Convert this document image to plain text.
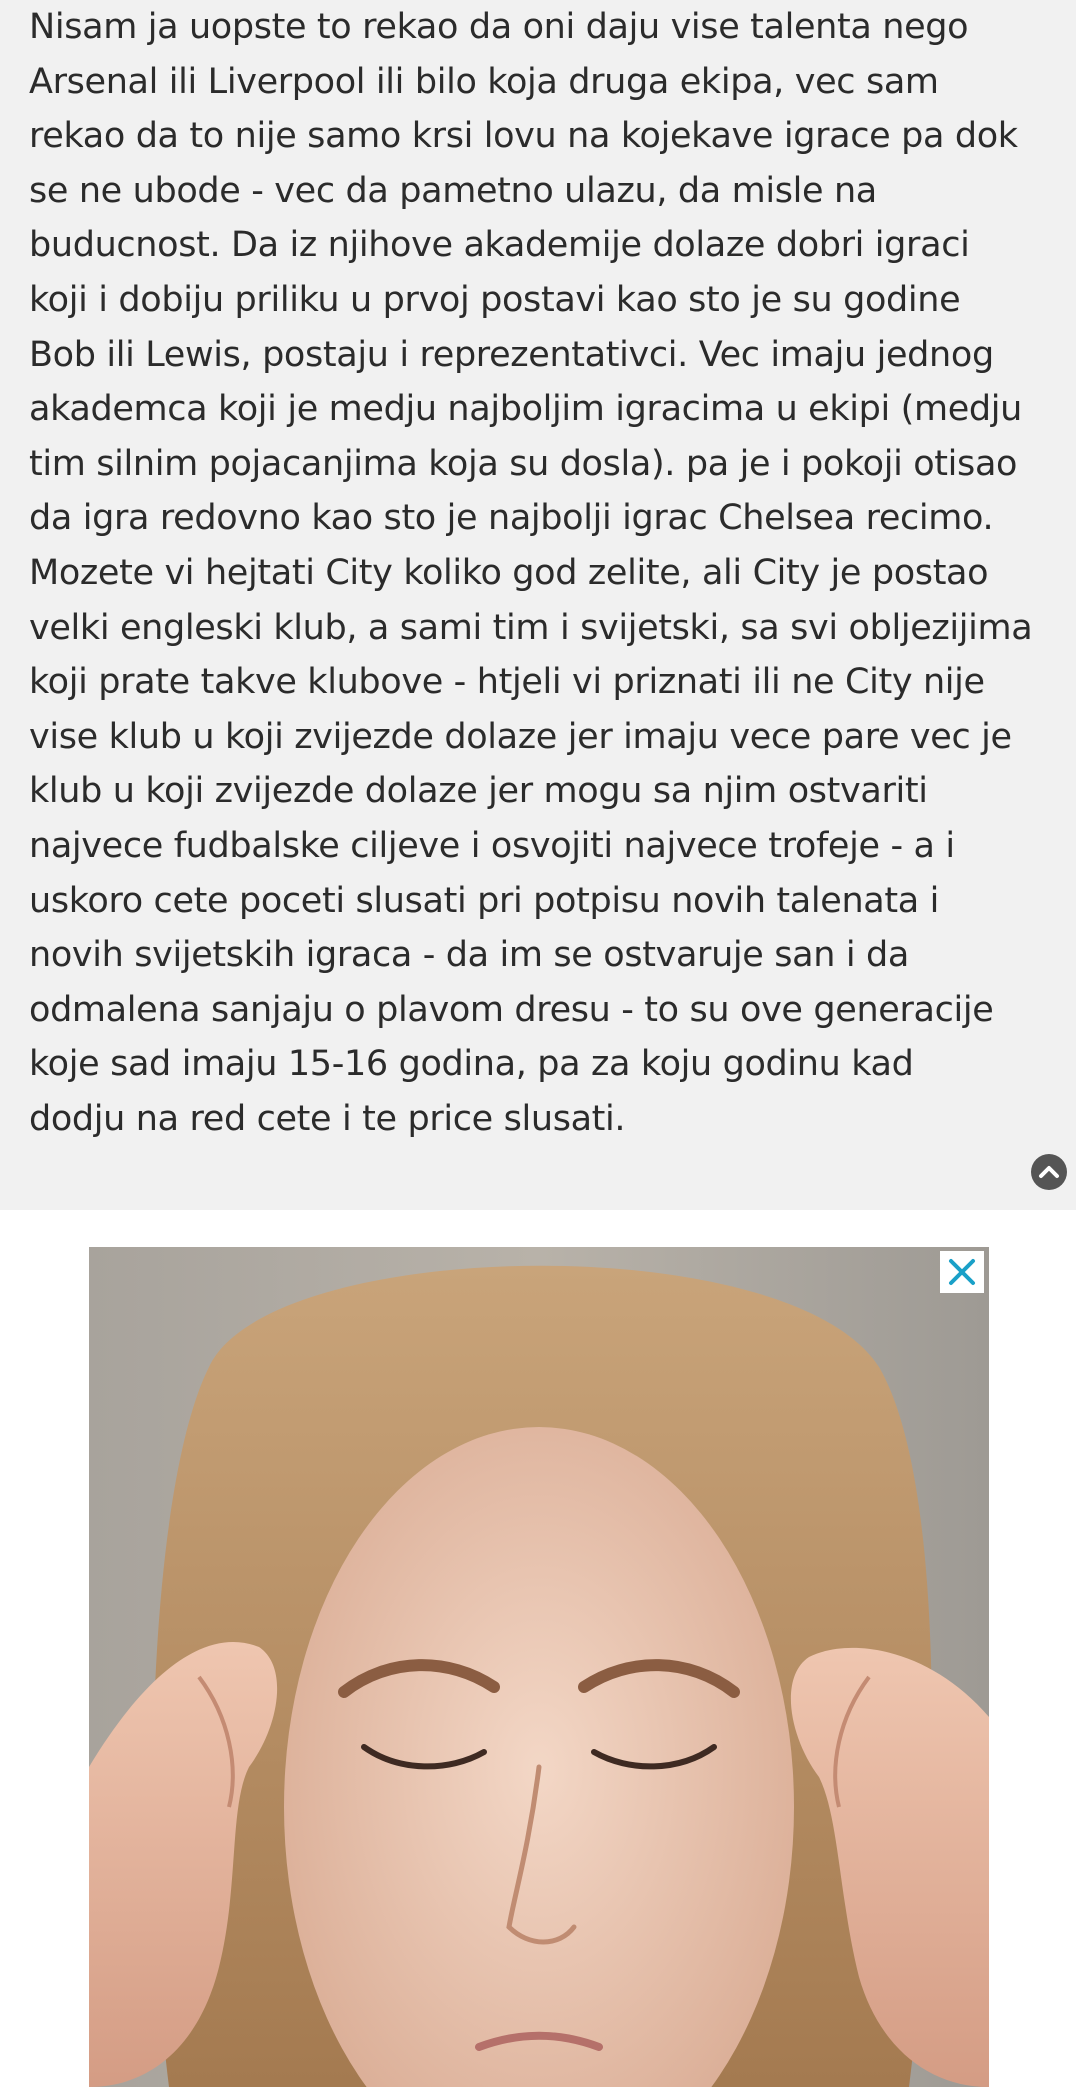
Nisam ja uopste to rekao da oni daju vise talenta nego
Arsenal ili Liverpool ili bilo koja druga ekipa, vec sam
rekao da to nije samo krsi lovu na kojekave igrace pa dok
se ne ubode - vec da pametno ulazu, da misle na
buducnost. Da iz njihove akademije dolaze dobri igraci
koji i dobiju priliku u prvoj postavi kao sto je su godine
Bob ili Lewis, postaju i reprezentativci. Vec imaju jednog
akademca koji je medju najboljim igracima u ekipi (medju
tim silnim pojacanjima koja su dosla). pa je i pokoji otisao
da igra redovno kao sto je najbolji igrac Chelsea recimo.
Mozete vi hejtati City koliko god zelite, ali City je postao
velki engleski klub, a sami tim i svijetski, sa svi obljezijima
koji prate takve klubove - htjeli vi priznati ili ne City nije
vise klub u koji zvijezde dolaze jer imaju vece pare vec je
klub u koji zvijezde dolaze jer mogu sa njim ostvariti
najvece fudbalske ciljeve i osvojiti najvece trofeje - a i
uskoro cete poceti slusati pri potpisu novih talenata i
novih svijetskih igraca - da im se ostvaruje san i da
odmalena sanjaju o plavom dresu - to su ove generacije
koje sad imaju 15-16 godina, pa za koju godinu kad
dodju na red cete i te price slusati.
